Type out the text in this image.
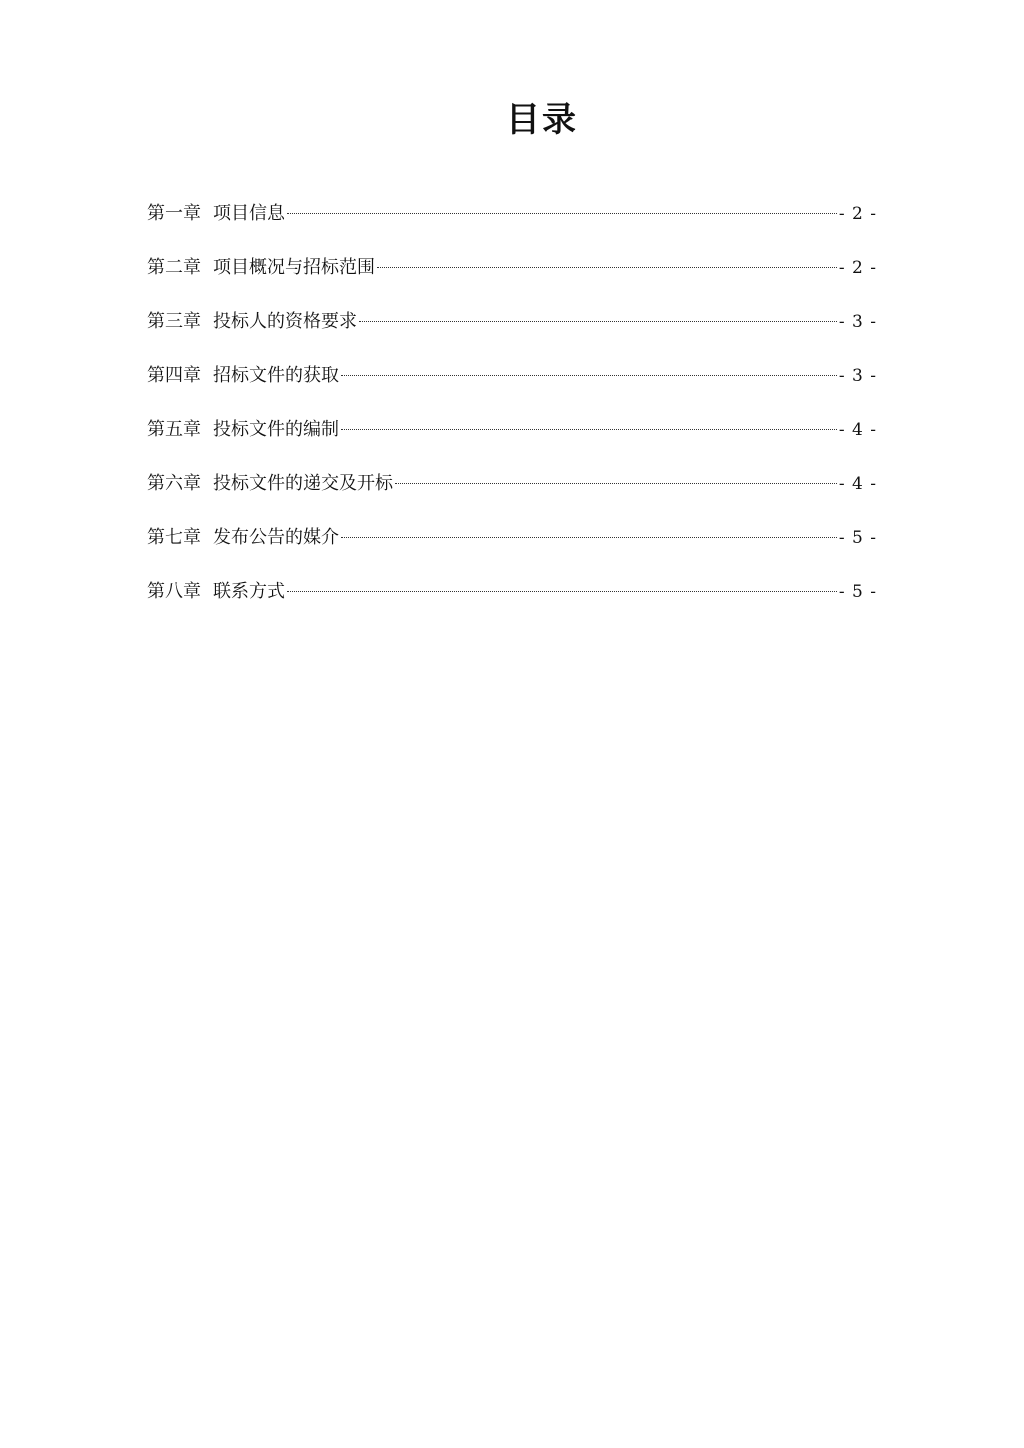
目录
第一章 项目信息	- 2 -
第二章 项目概况与招标范围	- 2 -
第三章 投标人的资格要求	- 3 -
第四章 招标文件的获取	- 3 -
第五章 投标文件的编制	- 4 -
第六章 投标文件的递交及开标	- 4 -
第七章 发布公告的媒介	- 5 -
第八章 联系方式	- 5 -
